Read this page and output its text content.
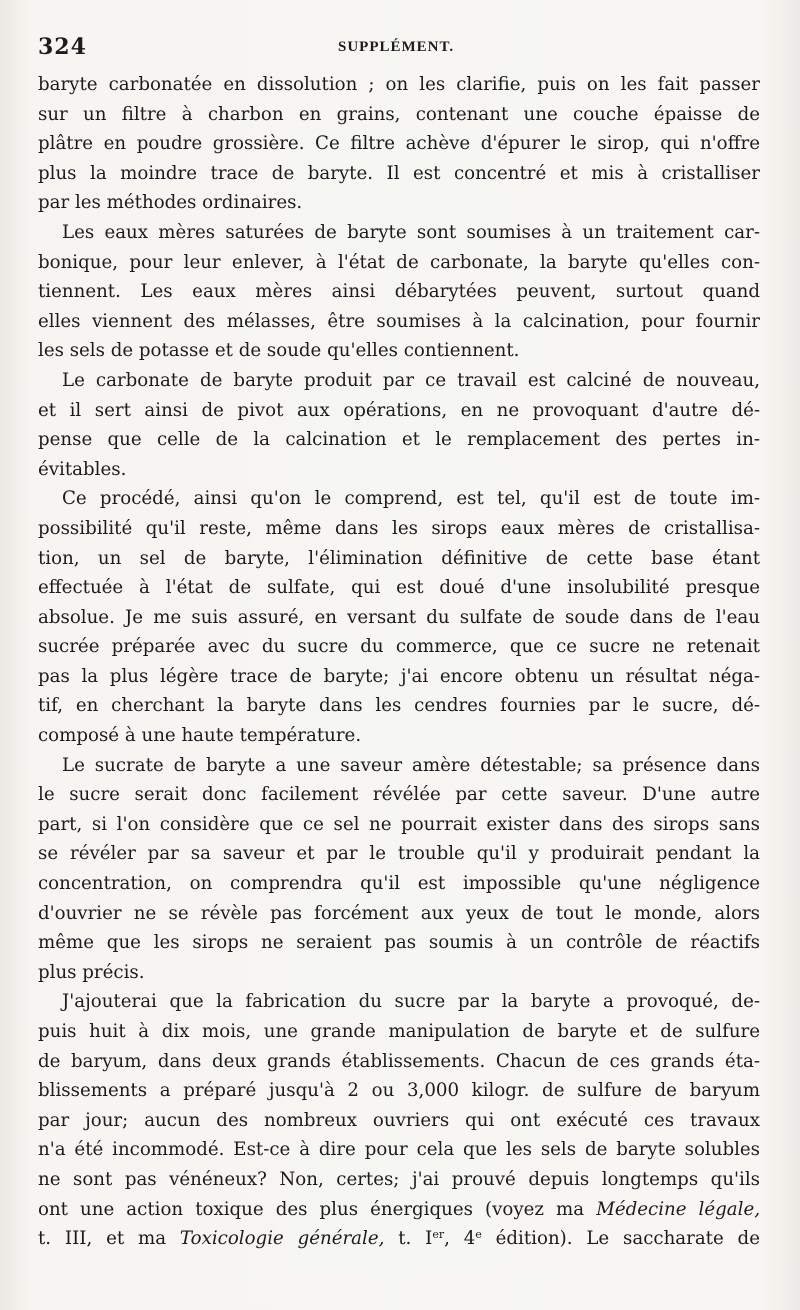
324	SUPPLÉMENT.

baryte carbonatée en dissolution ; on les clarifie, puis on les fait passer
sur un filtre à charbon en grains, contenant une couche épaisse de
plâtre en poudre grossière. Ce filtre achève d'épurer le sirop, qui n'offre
plus la moindre trace de baryte. Il est concentré et mis à cristalliser
par les méthodes ordinaires.

Les eaux mères saturées de baryte sont soumises à un traitement car-
bonique, pour leur enlever, à l'état de carbonate, la baryte qu'elles con-
tiennent. Les eaux mères ainsi débarytées peuvent, surtout quand
elles viennent des mélasses, être soumises à la calcination, pour fournir
les sels de potasse et de soude qu'elles contiennent.

Le carbonate de baryte produit par ce travail est calciné de nouveau,
et il sert ainsi de pivot aux opérations, en ne provoquant d'autre dé-
pense que celle de la calcination et le remplacement des pertes in-
évitables.

Ce procédé, ainsi qu'on le comprend, est tel, qu'il est de toute im-
possibilité qu'il reste, même dans les sirops eaux mères de cristallisa-
tion, un sel de baryte, l'élimination définitive de cette base étant
effectuée à l'état de sulfate, qui est doué d'une insolubilité presque
absolue. Je me suis assuré, en versant du sulfate de soude dans de l'eau
sucrée préparée avec du sucre du commerce, que ce sucre ne retenait
pas la plus légère trace de baryte; j'ai encore obtenu un résultat néga-
tif, en cherchant la baryte dans les cendres fournies par le sucre, dé-
composé à une haute température.

Le sucrate de baryte a une saveur amère détestable; sa présence dans
le sucre serait donc facilement révélée par cette saveur. D'une autre
part, si l'on considère que ce sel ne pourrait exister dans des sirops sans
se révéler par sa saveur et par le trouble qu'il y produirait pendant la
concentration, on comprendra qu'il est impossible qu'une négligence
d'ouvrier ne se révèle pas forcément aux yeux de tout le monde, alors
même que les sirops ne seraient pas soumis à un contrôle de réactifs
plus précis.

J'ajouterai que la fabrication du sucre par la baryte a provoqué, de-
puis huit à dix mois, une grande manipulation de baryte et de sulfure
de baryum, dans deux grands établissements. Chacun de ces grands éta-
blissements a préparé jusqu'à 2 ou 3,000 kilogr. de sulfure de baryum
par jour; aucun des nombreux ouvriers qui ont exécuté ces travaux
n'a été incommodé. Est-ce à dire pour cela que les sels de baryte solubles
ne sont pas vénéneux? Non, certes; j'ai prouvé depuis longtemps qu'ils
ont une action toxique des plus énergiques (voyez ma Médecine légale,
t. III, et ma Toxicologie générale, t. Ier, 4e édition). Le saccharate de
